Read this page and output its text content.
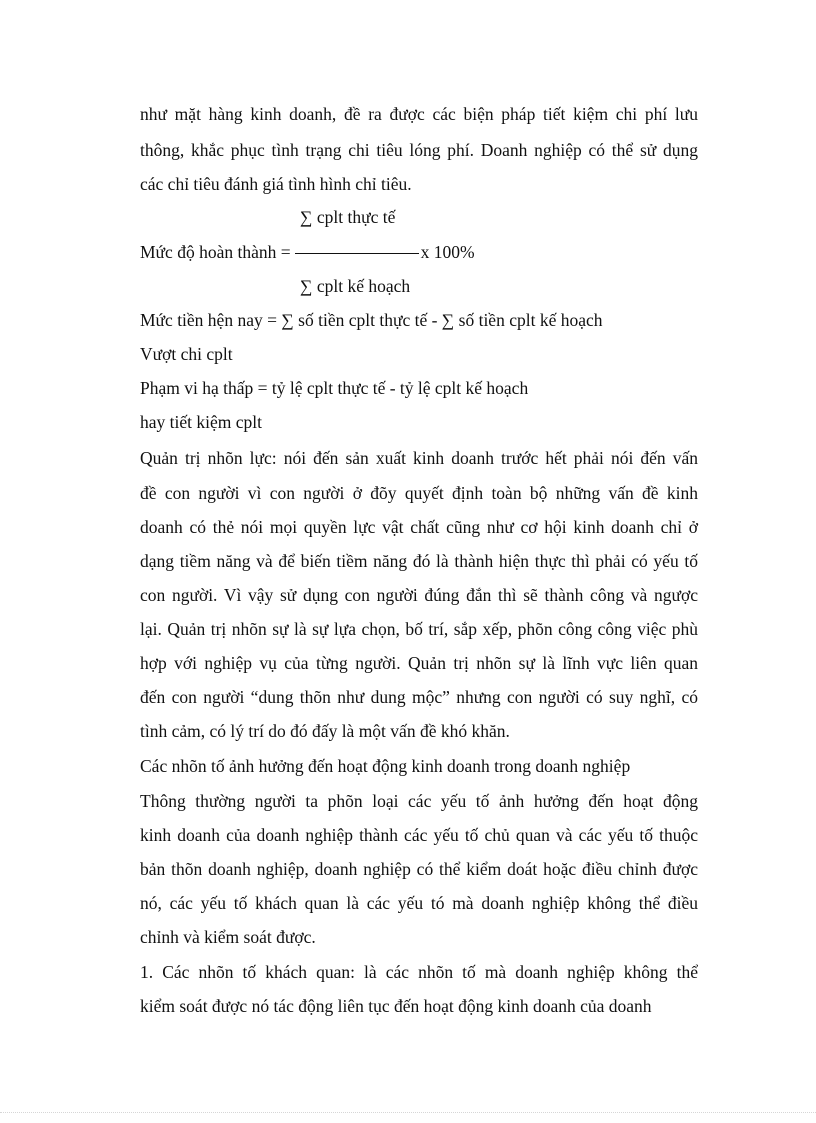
như mặt hàng kinh doanh, đề ra được các biện pháp tiết kiệm chi phí lưu
thông, khắc phục tình trạng chi tiêu lóng phí. Doanh nghiệp có thể sử dụng
các chỉ tiêu đánh giá tình hình chỉ tiêu.
∑ cplt thực tế
Mức độ hoàn thành =	x 100%
∑ cplt kế hoạch
Mức tiền hện nay = ∑ số tiền cplt thực tế - ∑ số tiền cplt kế hoạch
Vượt chi cplt
Phạm vi hạ thấp = tỷ lệ cplt thực tế - tỷ lệ cplt kế hoạch
hay tiết kiệm cplt
Quản trị nhõn lực: nói đến sản xuất kinh doanh trước hết phải nói đến vấn
đề con người vì con người ở đõy quyết định toàn bộ những vấn đề kinh
doanh có thẻ nói mọi quyền lực vật chất cũng như cơ hội kinh doanh chỉ ở
dạng tiềm năng và để biến tiềm năng đó là thành hiện thực thì phải có yếu tố
con người. Vì vậy sử dụng con người đúng đắn thì sẽ thành công và ngược
lại. Quản trị nhõn sự là sự lựa chọn, bố trí, sắp xếp, phõn công công việc phù
hợp với nghiệp vụ của từng người. Quản trị nhõn sự là lĩnh vực liên quan
đến con người “dung thõn như dung mộc” nhưng con người có suy nghĩ, có
tình cảm, có lý trí do đó đấy là một vấn đề khó khăn.
Các nhõn tố ảnh hưởng đến hoạt động kinh doanh trong doanh nghiệp
Thông thường người ta phõn loại các yếu tố ảnh hưởng đến hoạt động
kinh doanh của doanh nghiệp thành các yếu tố chủ quan và các yếu tố thuộc
bản thõn doanh nghiệp, doanh nghiệp có thể kiểm doát hoặc điều chỉnh được
nó, các yếu tố khách quan là các yếu tó mà doanh nghiệp không thể điều
chỉnh và kiểm soát được.
1. Các nhõn tố khách quan: là các nhõn tố mà doanh nghiệp không thể
kiểm soát được nó tác động liên tục đến hoạt động kinh doanh của doanh
